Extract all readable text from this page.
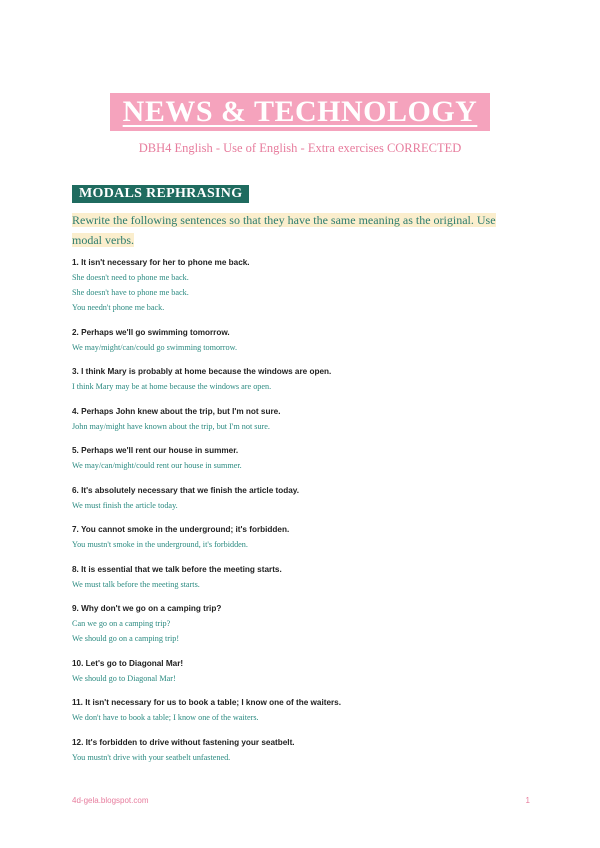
NEWS & TECHNOLOGY
DBH4 English - Use of English - Extra exercises CORRECTED
MODALS REPHRASING
Rewrite the following sentences so that they have the same meaning as the original. Use modal verbs.
1. It isn't necessary for her to phone me back.
She doesn't need to phone me back.
She doesn't have to phone me back.
You needn't phone me back.
2. Perhaps we'll go swimming tomorrow.
We may/might/can/could go swimming tomorrow.
3. I think Mary is probably at home because the windows are open.
I think Mary may be at home because the windows are open.
4. Perhaps John knew about the trip, but I'm not sure.
John may/might have known about the trip, but I'm not sure.
5. Perhaps we'll rent our house in summer.
We may/can/might/could rent our house in summer.
6. It's absolutely necessary that we finish the article today.
We must finish the article today.
7. You cannot smoke in the underground; it's forbidden.
You mustn't smoke in the underground, it's forbidden.
8. It is essential that we talk before the meeting starts.
We must talk before the meeting starts.
9. Why don't we go on a camping trip?
Can we go on a camping trip?
We should go on a camping trip!
10. Let's go to Diagonal Mar!
We should go to Diagonal Mar!
11. It isn't necessary for us to book a table; I know one of the waiters.
We don't have to book a table; I know one of the waiters.
12. It's forbidden to drive without fastening your seatbelt.
You mustn't drive with your seatbelt unfastened.
4d-gela.blogspot.com	1
